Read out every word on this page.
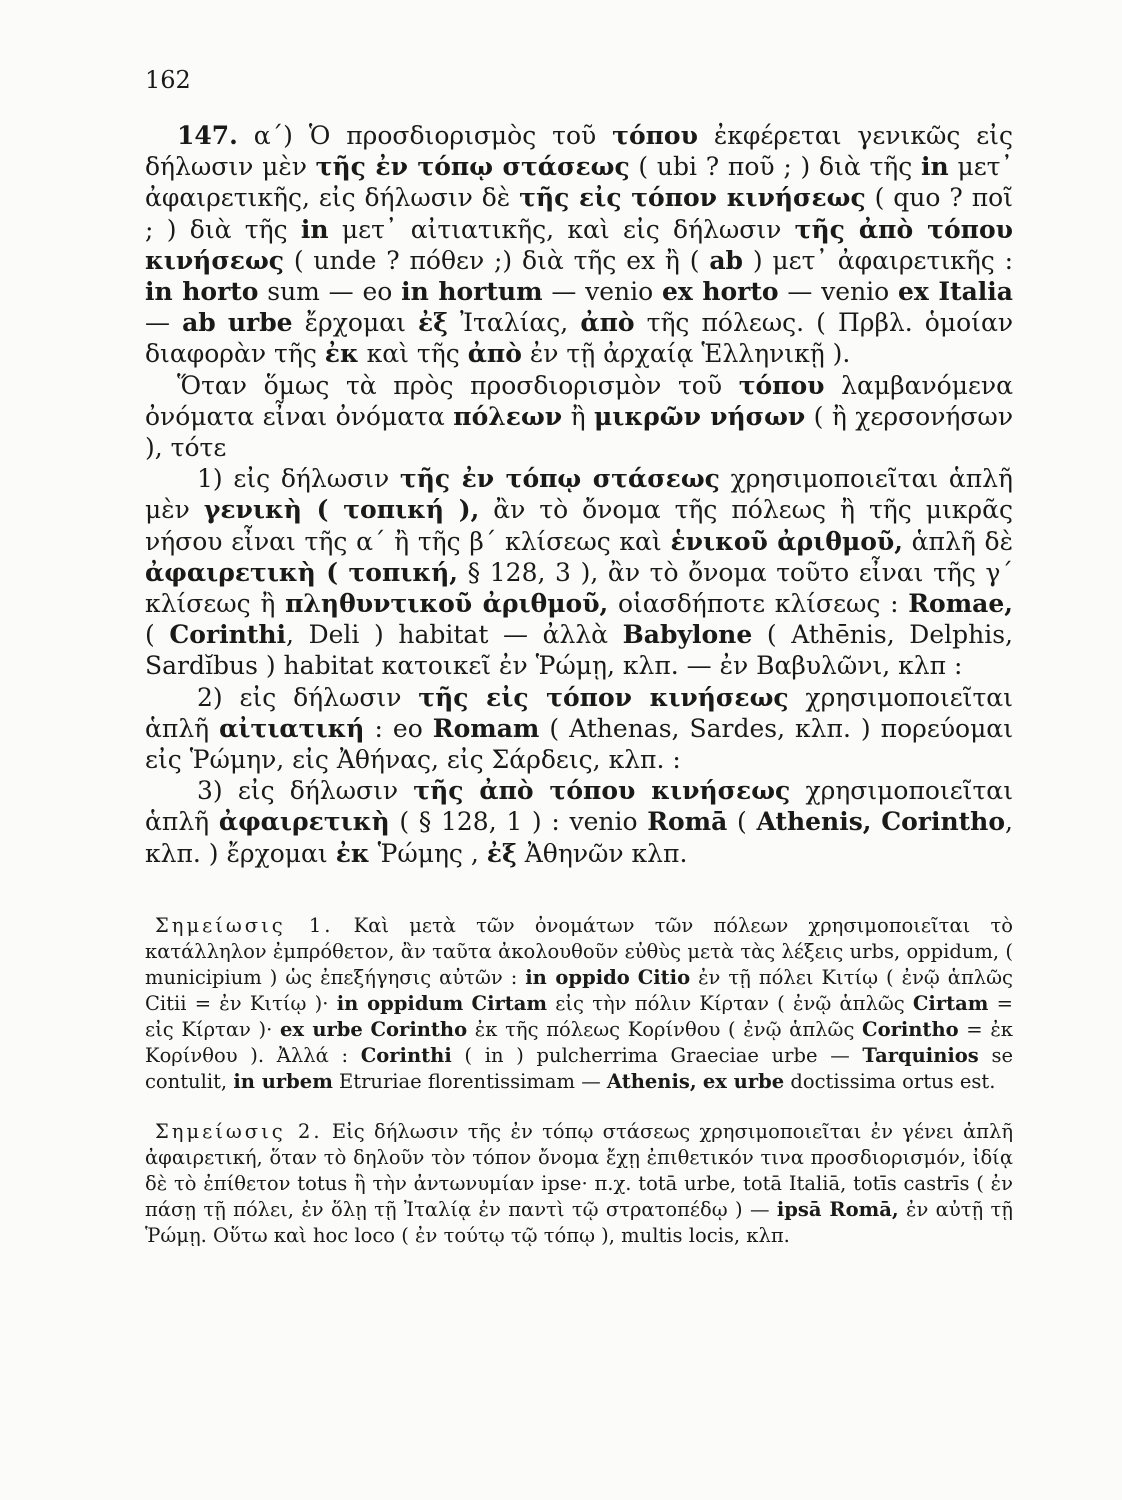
162

147. α΄) Ὁ προσδιορισμὸς τοῦ τόπου ἐκφέρεται γενικῶς εἰς δήλωσιν μὲν τῆς ἐν τόπῳ στάσεως ( ubi ? ποῦ ; ) διὰ τῆς in μετ᾽ ἀφαιρετικῆς, εἰς δήλωσιν δὲ τῆς εἰς τόπον κινήσεως ( quo ? ποῖ ; ) διὰ τῆς in μετ᾽ αἰτιατικῆς, καὶ εἰς δήλωσιν τῆς ἀπὸ τόπου κινήσεως ( unde ? πόθεν ;) διὰ τῆς ex ἢ ( ab ) μετ᾽ ἀφαιρετικῆς : in horto sum — eo in hortum — venio ex horto — venio ex Italia — ab urbe ἔρχομαι ἐξ Ἰταλίας, ἀπὸ τῆς πόλεως. ( Πρβλ. ὁμοίαν διαφορὰν τῆς ἐκ καὶ τῆς ἀπὸ ἐν τῇ ἀρχαίᾳ Ἑλληνικῇ ).

Ὅταν ὅμως τὰ πρὸς προσδιορισμὸν τοῦ τόπου λαμβανόμενα ὀνόματα εἶναι ὀνόματα πόλεων ἢ μικρῶν νήσων ( ἢ χερσονήσων ), τότε

1) εἰς δήλωσιν τῆς ἐν τόπῳ στάσεως χρησιμοποιεῖται ἁπλῆ μὲν γενικὴ ( τοπική ), ἂν τὸ ὄνομα τῆς πόλεως ἢ τῆς μικρᾶς νήσου εἶναι τῆς α΄ ἢ τῆς β΄ κλίσεως καὶ ἑνικοῦ ἀριθμοῦ, ἁπλῆ δὲ ἀφαιρετικὴ ( τοπική, § 128, 3 ), ἂν τὸ ὄνομα τοῦτο εἶναι τῆς γ΄ κλίσεως ἢ πληθυντικοῦ ἀριθμοῦ, οἱασδήποτε κλίσεως : Romae, ( Corinthi, Deli ) habitat — ἀλλὰ Babylone ( Athēnis, Delphis, Sardĭbus ) habitat κατοικεῖ ἐν Ῥώμῃ, κλπ. — ἐν Βαβυλῶνι, κλπ :

2) εἰς δήλωσιν τῆς εἰς τόπον κινήσεως χρησιμοποιεῖται ἁπλῆ αἰτιατική : eo Romam ( Athenas, Sardes, κλπ. ) πορεύομαι εἰς Ῥώμην, εἰς Ἀθήνας, εἰς Σάρδεις, κλπ. :

3) εἰς δήλωσιν τῆς ἀπὸ τόπου κινήσεως χρησιμοποιεῖται ἁπλῆ ἀφαιρετικὴ ( § 128, 1 ) : venio Romā ( Athenis, Corintho, κλπ. ) ἔρχομαι ἐκ Ῥώμης , ἐξ Ἀθηνῶν κλπ.

Σημείωσις 1. Καὶ μετὰ τῶν ὀνομάτων τῶν πόλεων χρησιμοποιεῖται τὸ κατάλληλον ἐμπρόθετον, ἂν ταῦτα ἀκολουθοῦν εὐθὺς μετὰ τὰς λέξεις urbs, oppidum, ( municipium ) ὡς ἐπεξήγησις αὐτῶν : in oppido Citio ἐν τῇ πόλει Κιτίῳ ( ἐνῷ ἁπλῶς Citii = ἐν Κιτίῳ )· in oppidum Cirtam εἰς τὴν πόλιν Κίρταν ( ἐνῷ ἁπλῶς Cirtam = εἰς Κίρταν )· ex urbe Corintho ἐκ τῆς πόλεως Κορίνθου ( ἐνῷ ἁπλῶς Corintho = ἐκ Κορίνθου ). Ἀλλά : Corinthi ( in ) pulcherrima Graeciae urbe — Tarquinios se contulit, in urbem Etruriae florentissimam — Athenis, ex urbe doctissima ortus est.

Σημείωσις 2. Εἰς δήλωσιν τῆς ἐν τόπῳ στάσεως χρησιμοποιεῖται ἐν γένει ἁπλῆ ἀφαιρετική, ὅταν τὸ δηλοῦν τὸν τόπον ὄνομα ἔχῃ ἐπιθετικόν τινα προσδιορισμόν, ἰδίᾳ δὲ τὸ ἐπίθετον totus ἢ τὴν ἀντωνυμίαν ipse· π.χ. totā urbe, totā Italiā, totīs castrīs ( ἐν πάσῃ τῇ πόλει, ἐν ὅλῃ τῇ Ἰταλίᾳ ἐν παντὶ τῷ στρατοπέδῳ ) — ipsā Romā, ἐν αὐτῇ τῇ Ῥώμῃ. Οὕτω καὶ hoc loco ( ἐν τούτῳ τῷ τόπῳ ), multis locis, κλπ.
